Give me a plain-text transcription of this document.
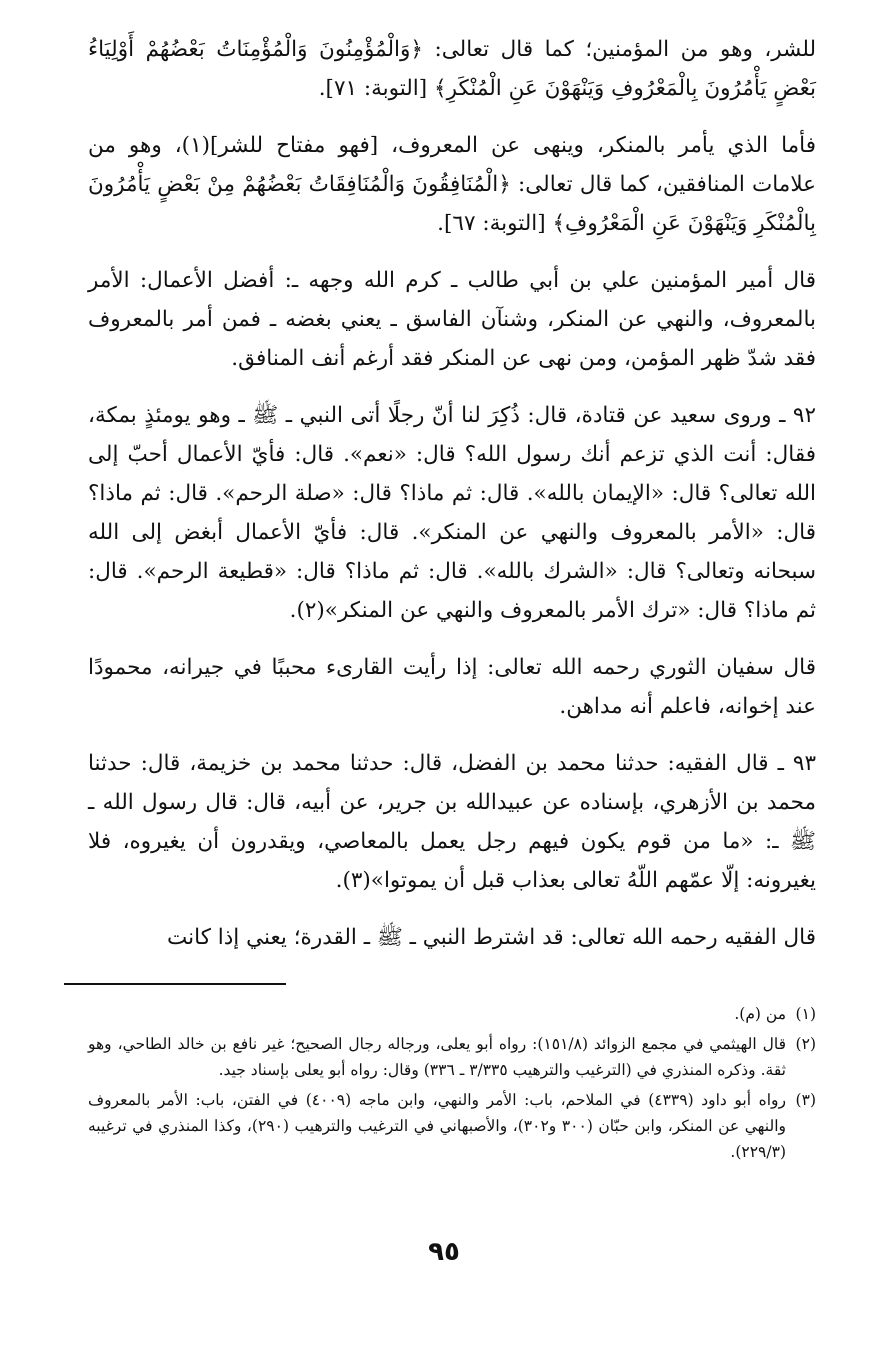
للشر، وهو من المؤمنين؛ كما قال تعالى: ﴿وَالْمُؤْمِنُونَ وَالْمُؤْمِنَاتُ بَعْضُهُمْ أَوْلِيَاءُ بَعْضٍ يَأْمُرُونَ بِالْمَعْرُوفِ وَيَنْهَوْنَ عَنِ الْمُنْكَرِ﴾ [التوبة: ٧١].

فأما الذي يأمر بالمنكر، وينهى عن المعروف، [فهو مفتاح للشر](١)، وهو من علامات المنافقين، كما قال تعالى: ﴿الْمُنَافِقُونَ وَالْمُنَافِقَاتُ بَعْضُهُمْ مِنْ بَعْضٍ يَأْمُرُونَ بِالْمُنْكَرِ وَيَنْهَوْنَ عَنِ الْمَعْرُوفِ﴾ [التوبة: ٦٧].

قال أمير المؤمنين علي بن أبي طالب ـ كرم الله وجهه ـ: أفضل الأعمال: الأمر بالمعروف، والنهي عن المنكر، وشنآن الفاسق ـ يعني بغضه ـ فمن أمر بالمعروف فقد شدّ ظهر المؤمن، ومن نهى عن المنكر فقد أرغم أنف المنافق.

٩٢ ـ وروى سعيد عن قتادة، قال: ذُكِرَ لنا أنّ رجلًا أتى النبي ـ ﷺ ـ وهو يومئذٍ بمكة، فقال: أنت الذي تزعم أنك رسول الله؟ قال: «نعم». قال: فأيّ الأعمال أحبّ إلى الله تعالى؟ قال: «الإيمان بالله». قال: ثم ماذا؟ قال: «صلة الرحم». قال: ثم ماذا؟ قال: «الأمر بالمعروف والنهي عن المنكر». قال: فأيّ الأعمال أبغض إلى الله سبحانه وتعالى؟ قال: «الشرك بالله». قال: ثم ماذا؟ قال: «قطيعة الرحم». قال: ثم ماذا؟ قال: «ترك الأمر بالمعروف والنهي عن المنكر»(٢).

قال سفيان الثوري رحمه الله تعالى: إذا رأيت القارىء محببًا في جيرانه، محمودًا عند إخوانه، فاعلم أنه مداهن.

٩٣ ـ قال الفقيه: حدثنا محمد بن الفضل، قال: حدثنا محمد بن خزيمة، قال: حدثنا محمد بن الأزهري، بإسناده عن عبيدالله بن جرير، عن أبيه، قال: قال رسول الله ـ ﷺ ـ: «ما من قوم يكون فيهم رجل يعمل بالمعاصي، ويقدرون أن يغيروه، فلا يغيرونه: إلّا عمّهم اللّهُ تعالى بعذاب قبل أن يموتوا»(٣).

قال الفقيه رحمه الله تعالى: قد اشترط النبي ـ ﷺ ـ القدرة؛ يعني إذا كانت

(١)
من (م).
(٢)
قال الهيثمي في مجمع الزوائد (١٥١/٨): رواه أبو يعلى، ورجاله رجال الصحيح؛ غير نافع بن خالد الطاحي، وهو ثقة. وذكره المنذري في (الترغيب والترهيب ٣/٣٣٥ ـ ٣٣٦) وقال: رواه أبو يعلى بإسناد جيد.
(٣)
رواه أبو داود (٤٣٣٩) في الملاحم، باب: الأمر والنهي، وابن ماجه (٤٠٠٩) في الفتن، باب: الأمر بالمعروف والنهي عن المنكر، وابن حبّان (٣٠٠ و٣٠٢)، والأصبهاني في الترغيب والترهيب (٢٩٠)، وكذا المنذري في ترغيبه (٢٢٩/٣).
٩٥
